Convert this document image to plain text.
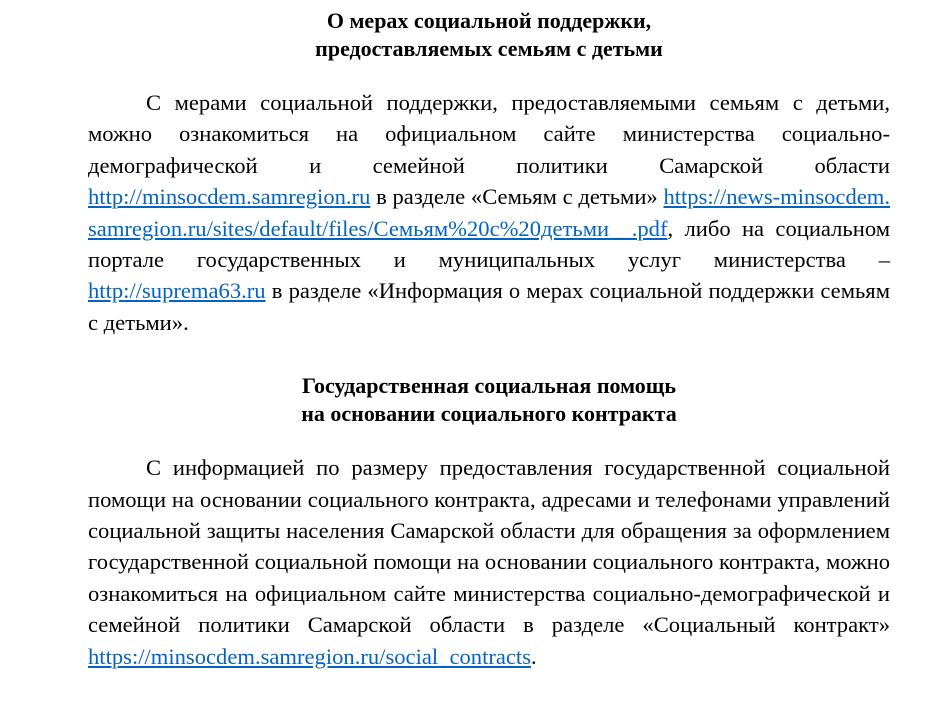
О мерах социальной поддержки,
предоставляемых семьям с детьми

С мерами социальной поддержки, предоставляемыми семьям с детьми, можно ознакомиться на официальном сайте министерства социально-демографической и семейной политики Самарской области http://minsocdem.samregion.ru в разделе «Семьям с детьми» https://news-minsocdem.samregion.ru/sites/default/files/Семьям%20с%20детьми__.pdf, либо на социальном портале государственных и муниципальных услуг министерства – http://suprema63.ru в разделе «Информация о мерах социальной поддержки семьям с детьми».

Государственная социальная помощь
на основании социального контракта

С информацией по размеру предоставления государственной социальной помощи на основании социального контракта, адресами и телефонами управлений социальной защиты населения Самарской области для обращения за оформлением государственной социальной помощи на основании социального контракта, можно ознакомиться на официальном сайте министерства социально-демографической и семейной политики Самарской области в разделе «Социальный контракт» https://minsocdem.samregion.ru/social_contracts.
